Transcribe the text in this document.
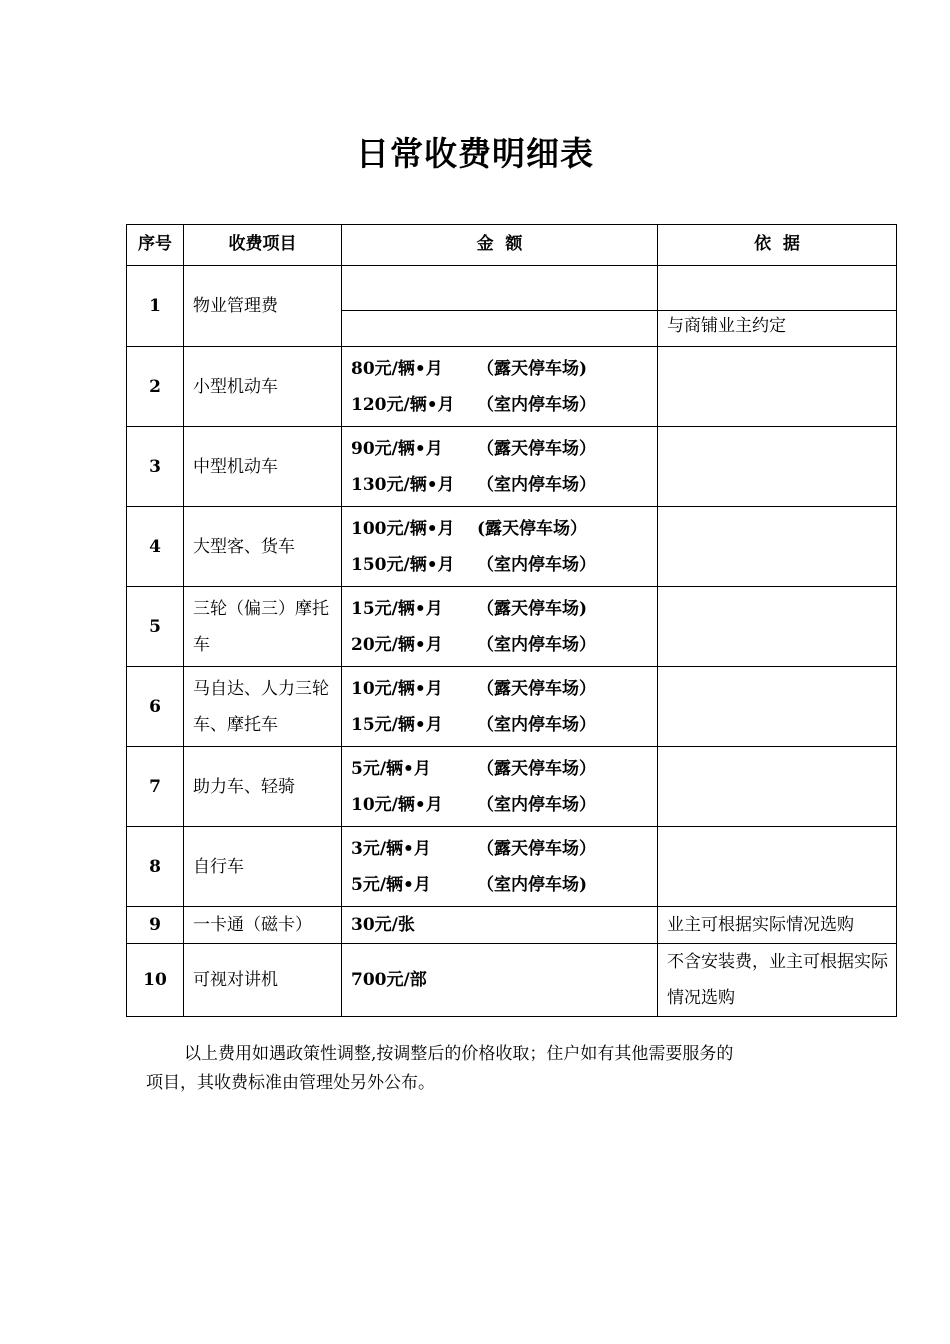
日常收费明细表
序号	收费项目	金  额	依  据
1	物业管理费		
			与商铺业主约定
2	小型机动车	80元/辆•月 （露天停车场)
120元/辆•月 （室内停车场）	

3	中型机动车	90元/辆•月 （露天停车场）
130元/辆•月 （室内停车场）	

4	大型客、货车	100元/辆•月 (露天停车场）
150元/辆•月 （室内停车场）	

5	三轮（偏三）摩托车	15元/辆•月 （露天停车场)
20元/辆•月 （室内停车场）	

6	马自达、人力三轮车、摩托车	10元/辆•月 （露天停车场）
15元/辆•月 （室内停车场）	

7	助力车、轻骑	5元/辆•月 （露天停车场）
10元/辆•月 （室内停车场）	

8	自行车	3元/辆•月 （露天停车场）
5元/辆•月 （室内停车场)	

9	一卡通（磁卡）	30元/张	业主可根据实际情况选购
10	可视对讲机	700元/部	不含安装费，业主可根据实际情况选购
以上费用如遇政策性调整,按调整后的价格收取；住户如有其他需要服务的
项目，其收费标准由管理处另外公布。
